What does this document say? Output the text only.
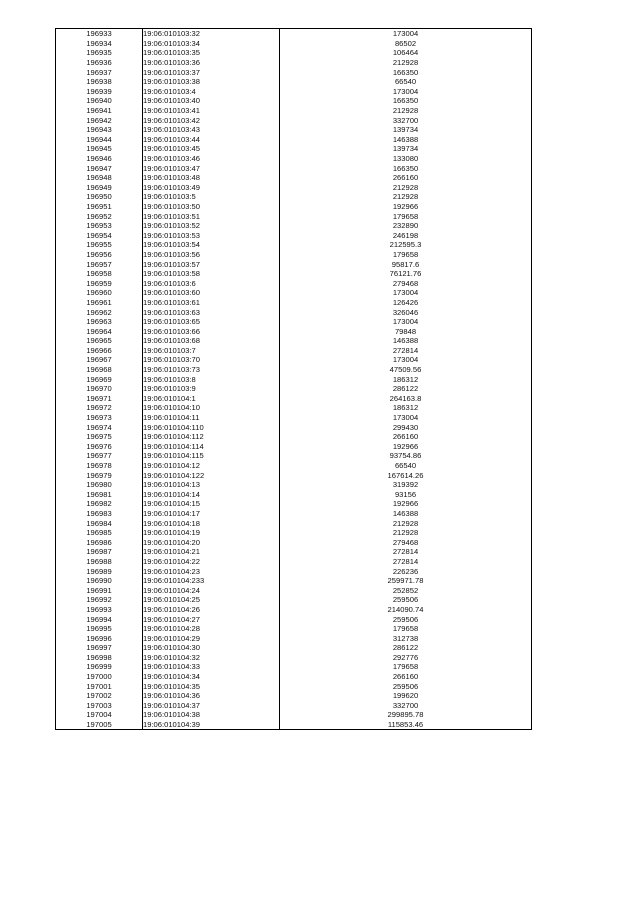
196933	19:06:010103:32	173004
196934	19:06:010103:34	86502
196935	19:06:010103:35	106464
196936	19:06:010103:36	212928
196937	19:06:010103:37	166350
196938	19:06:010103:38	66540
196939	19:06:010103:4	173004
196940	19:06:010103:40	166350
196941	19:06:010103:41	212928
196942	19:06:010103:42	332700
196943	19:06:010103:43	139734
196944	19:06:010103:44	146388
196945	19:06:010103:45	139734
196946	19:06:010103:46	133080
196947	19:06:010103:47	166350
196948	19:06:010103:48	266160
196949	19:06:010103:49	212928
196950	19:06:010103:5	212928
196951	19:06:010103:50	192966
196952	19:06:010103:51	179658
196953	19:06:010103:52	232890
196954	19:06:010103:53	246198
196955	19:06:010103:54	212595.3
196956	19:06:010103:56	179658
196957	19:06:010103:57	95817.6
196958	19:06:010103:58	76121.76
196959	19:06:010103:6	279468
196960	19:06:010103:60	173004
196961	19:06:010103:61	126426
196962	19:06:010103:63	326046
196963	19:06:010103:65	173004
196964	19:06:010103:66	79848
196965	19:06:010103:68	146388
196966	19:06:010103:7	272814
196967	19:06:010103:70	173004
196968	19:06:010103:73	47509.56
196969	19:06:010103:8	186312
196970	19:06:010103:9	286122
196971	19:06:010104:1	264163.8
196972	19:06:010104:10	186312
196973	19:06:010104:11	173004
196974	19:06:010104:110	299430
196975	19:06:010104:112	266160
196976	19:06:010104:114	192966
196977	19:06:010104:115	93754.86
196978	19:06:010104:12	66540
196979	19:06:010104:122	167614.26
196980	19:06:010104:13	319392
196981	19:06:010104:14	93156
196982	19:06:010104:15	192966
196983	19:06:010104:17	146388
196984	19:06:010104:18	212928
196985	19:06:010104:19	212928
196986	19:06:010104:20	279468
196987	19:06:010104:21	272814
196988	19:06:010104:22	272814
196989	19:06:010104:23	226236
196990	19:06:010104:233	259971.78
196991	19:06:010104:24	252852
196992	19:06:010104:25	259506
196993	19:06:010104:26	214090.74
196994	19:06:010104:27	259506
196995	19:06:010104:28	179658
196996	19:06:010104:29	312738
196997	19:06:010104:30	286122
196998	19:06:010104:32	292776
196999	19:06:010104:33	179658
197000	19:06:010104:34	266160
197001	19:06:010104:35	259506
197002	19:06:010104:36	199620
197003	19:06:010104:37	332700
197004	19:06:010104:38	299895.78
197005	19:06:010104:39	115853.46
